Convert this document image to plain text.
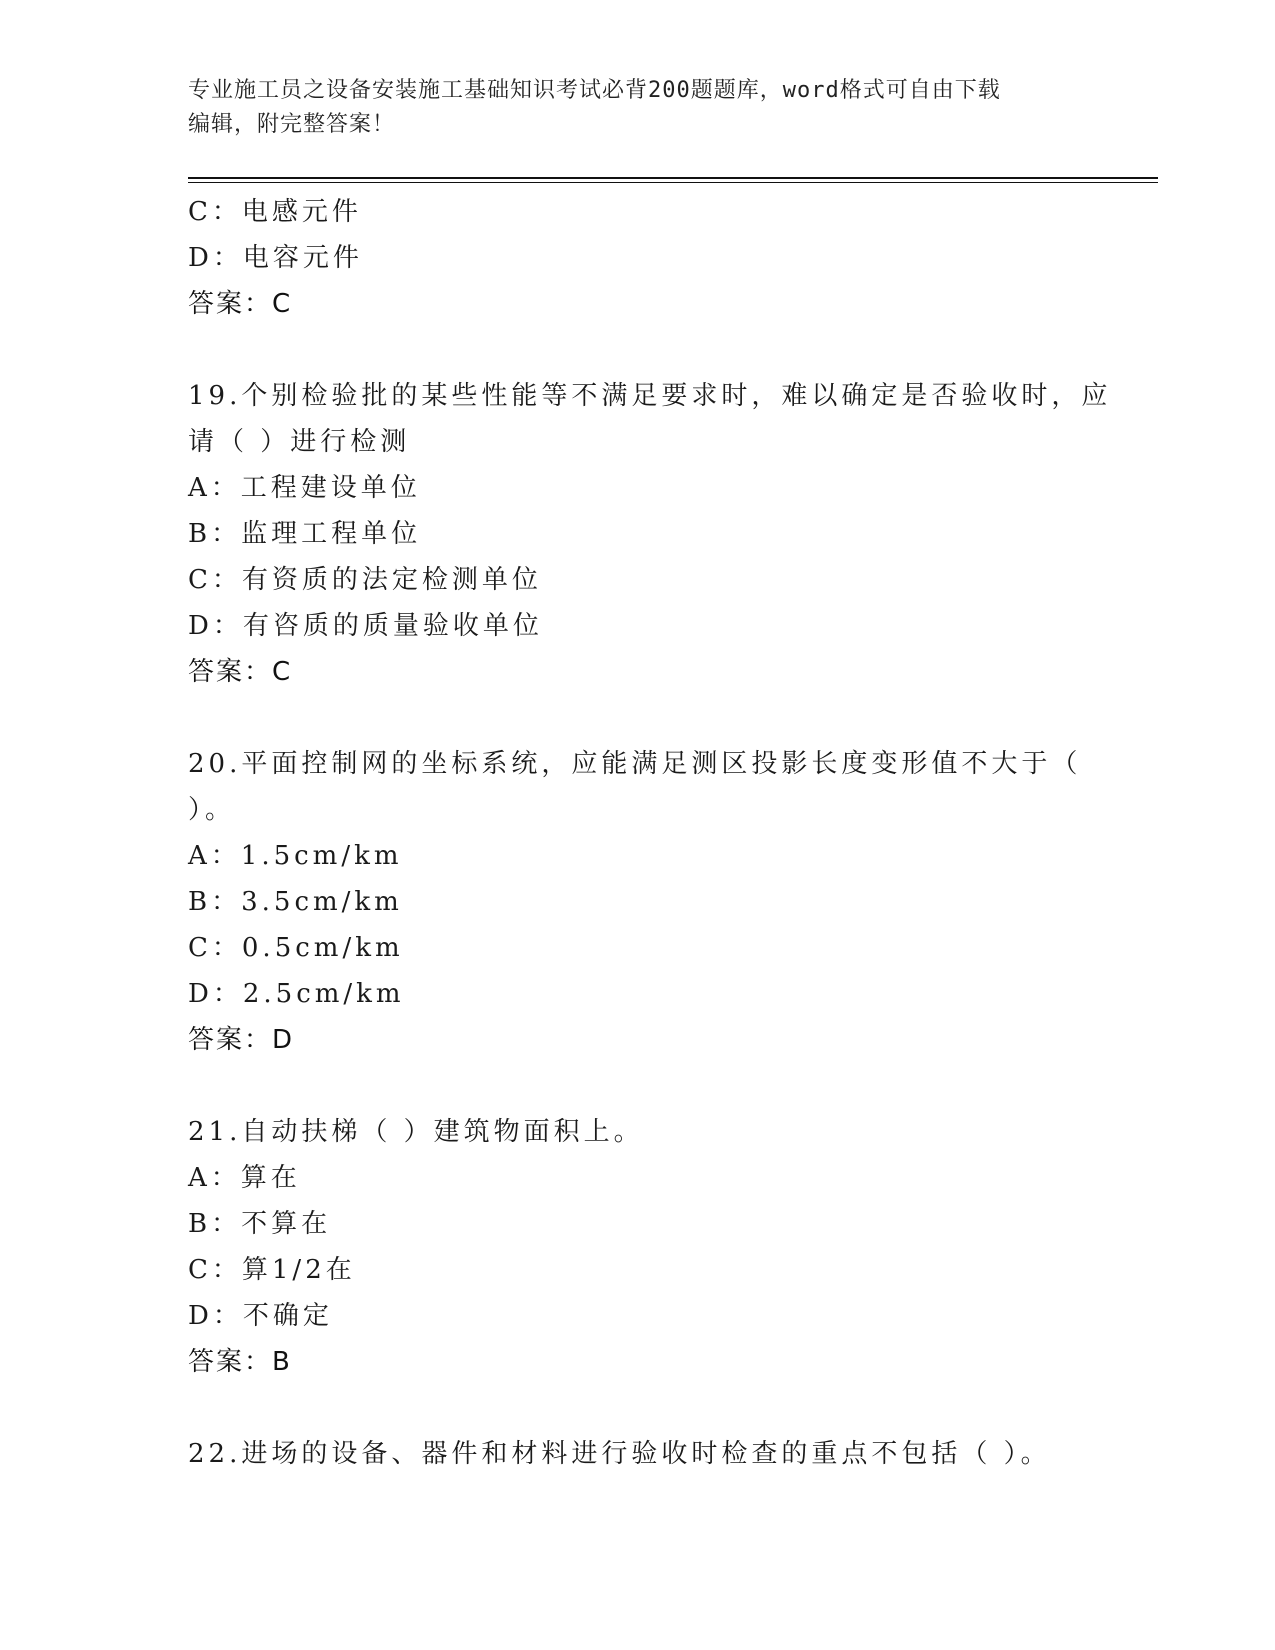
专业施工员之设备安装施工基础知识考试必背200题题库，word格式可自由下载
编辑，附完整答案！
C：电感元件
D：电容元件
答案：C
19.个别检验批的某些性能等不满足要求时，难以确定是否验收时，应
请（ ）进行检测
A：工程建设单位
B：监理工程单位
C：有资质的法定检测单位
D：有咨质的质量验收单位
答案：C
20.平面控制网的坐标系统，应能满足测区投影长度变形值不大于（
）。
A：1.5cm/km
B：3.5cm/km
C：0.5cm/km
D：2.5cm/km
答案：D
21.自动扶梯（ ）建筑物面积上。
A：算在
B：不算在
C：算1/2在
D：不确定
答案：B
22.进场的设备、器件和材料进行验收时检查的重点不包括（ ）。
